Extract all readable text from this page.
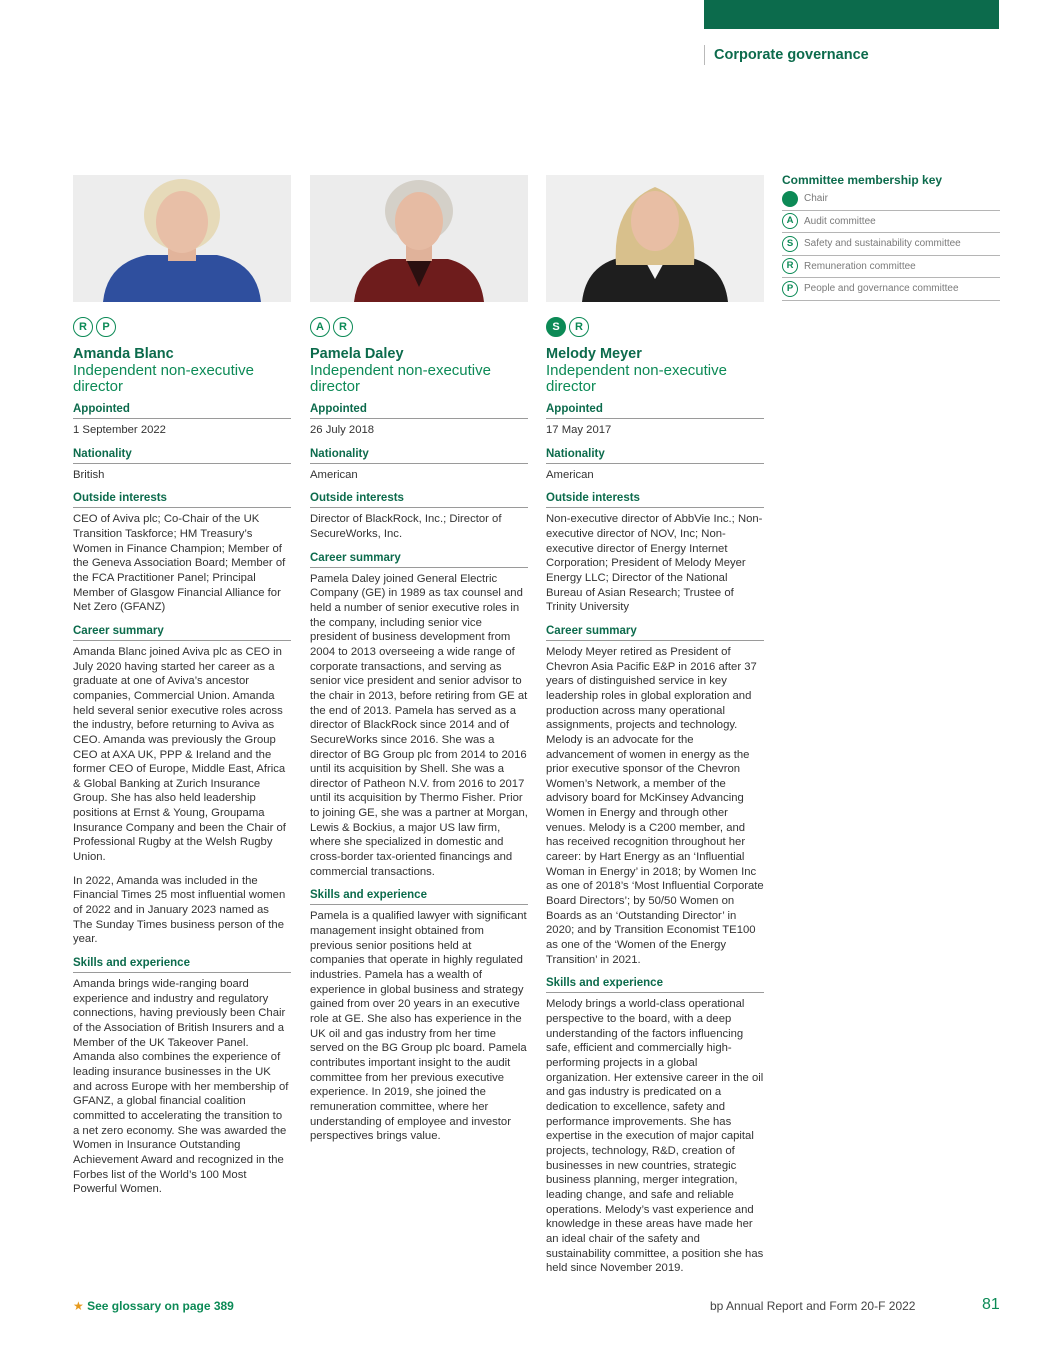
Corporate governance
R	P
Amanda Blanc
Independent non-executive director
Appointed
1 September 2022
Nationality
British
Outside interests
CEO of Aviva plc; Co-Chair of the UK Transition Taskforce; HM Treasury’s Women in Finance Champion; Member of the Geneva Association Board; Member of the FCA Practitioner Panel; Principal Member of Glasgow Financial Alliance for Net Zero (GFANZ)
Career summary
Amanda Blanc joined Aviva plc as CEO in July 2020 having started her career as a graduate at one of Aviva’s ancestor companies, Commercial Union. Amanda held several senior executive roles across the industry, before returning to Aviva as CEO. Amanda was previously the Group CEO at AXA UK, PPP & Ireland and the former CEO of Europe, Middle East, Africa & Global Banking at Zurich Insurance Group. She has also held leadership positions at Ernst & Young, Groupama Insurance Company and been the Chair of Professional Rugby at the Welsh Rugby Union.
In 2022, Amanda was included in the Financial Times 25 most influential women of 2022 and in January 2023 named as The Sunday Times business person of the year.
Skills and experience
Amanda brings wide-ranging board experience and industry and regulatory connections, having previously been Chair of the Association of British Insurers and a Member of the UK Takeover Panel. Amanda also combines the experience of leading insurance businesses in the UK and across Europe with her membership of GFANZ, a global financial coalition committed to accelerating the transition to a net zero economy. She was awarded the Women in Insurance Outstanding Achievement Award and recognized in the Forbes list of the World’s 100 Most Powerful Women.
A	R
Pamela Daley
Independent non-executive director
Appointed
26 July 2018
Nationality
American
Outside interests
Director of BlackRock, Inc.; Director of SecureWorks, Inc.
Career summary
Pamela Daley joined General Electric Company (GE) in 1989 as tax counsel and held a number of senior executive roles in the company, including senior vice president of business development from 2004 to 2013 overseeing a wide range of corporate transactions, and serving as senior vice president and senior advisor to the chair in 2013, before retiring from GE at the end of 2013. Pamela has served as a director of BlackRock since 2014 and of SecureWorks since 2016. She was a director of BG Group plc from 2014 to 2016 until its acquisition by Shell. She was a director of Patheon N.V. from 2016 to 2017 until its acquisition by Thermo Fisher. Prior to joining GE, she was a partner at Morgan, Lewis & Bockius, a major US law firm, where she specialized in domestic and cross-border tax-oriented financings and commercial transactions.
Skills and experience
Pamela is a qualified lawyer with significant management insight obtained from previous senior positions held at companies that operate in highly regulated industries. Pamela has a wealth of experience in global business and strategy gained from over 20 years in an executive role at GE. She also has experience in the UK oil and gas industry from her time served on the BG Group plc board. Pamela contributes important insight to the audit committee from her previous executive experience. In 2019, she joined the remuneration committee, where her understanding of employee and investor perspectives brings value.
S	R
Melody Meyer
Independent non-executive director
Appointed
17 May 2017
Nationality
American
Outside interests
Non-executive director of AbbVie Inc.; Non-executive director of NOV, Inc; Non-executive director of Energy Internet Corporation; President of Melody Meyer Energy LLC; Director of the National Bureau of Asian Research; Trustee of Trinity University
Career summary
Melody Meyer retired as President of Chevron Asia Pacific E&P in 2016 after 37 years of distinguished service in key leadership roles in global exploration and production across many operational assignments, projects and technology. Melody is an advocate for the advancement of women in energy as the prior executive sponsor of the Chevron Women’s Network, a member of the advisory board for McKinsey Advancing Women in Energy and through other venues. Melody is a C200 member, and has received recognition throughout her career: by Hart Energy as an ‘Influential Woman in Energy’ in 2018; by Women Inc as one of 2018’s ‘Most Influential Corporate Board Directors’; by 50/50 Women on Boards as an ‘Outstanding Director’ in 2020; and by Transition Economist TE100 as one of the ‘Women of the Energy Transition’ in 2021.
Skills and experience
Melody brings a world-class operational perspective to the board, with a deep understanding of the factors influencing safe, efficient and commercially high-performing projects in a global organization. Her extensive career in the oil and gas industry is predicated on a dedication to excellence, safety and performance improvements. She has expertise in the execution of major capital projects, technology, R&D, creation of businesses in new countries, strategic business planning, merger integration, leading change, and safe and reliable operations. Melody’s vast experience and knowledge in these areas have made her an ideal chair of the safety and sustainability committee, a position she has held since November 2019.
Committee membership key
Chair
A	Audit committee
S	Safety and sustainability committee
R	Remuneration committee
P	People and governance committee
★ See glossary on page 389	bp Annual Report and Form 20-F 2022	81
